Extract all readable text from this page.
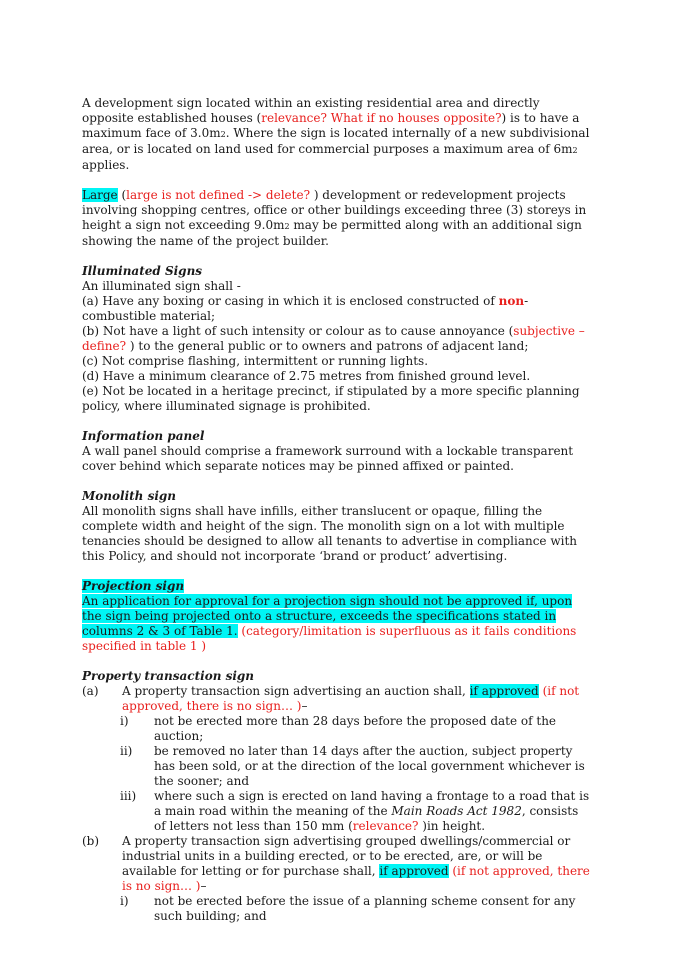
A development sign located within an existing residential area and directly opposite established houses (relevance? What if no houses opposite?) is to have a maximum face of 3.0m2. Where the sign is located internally of a new subdivisional area, or is located on land used for commercial purposes a maximum area of 6m2 applies.

Large (large is not defined -> delete? ) development or redevelopment projects involving shopping centres, office or other buildings exceeding three (3) storeys in height a sign not exceeding 9.0m2 may be permitted along with an additional sign showing the name of the project builder.

Illuminated Signs

An illuminated sign shall -

(a) Have any boxing or casing in which it is enclosed constructed of non-combustible material;

(b) Not have a light of such intensity or colour as to cause annoyance (subjective – define? ) to the general public or to owners and patrons of adjacent land;

(c) Not comprise flashing, intermittent or running lights.

(d) Have a minimum clearance of 2.75 metres from finished ground level.

(e) Not be located in a heritage precinct, if stipulated by a more specific planning policy, where illuminated signage is prohibited.

Information panel

A wall panel should comprise a framework surround with a lockable transparent cover behind which separate notices may be pinned affixed or painted.

Monolith sign

All monolith signs shall have infills, either translucent or opaque, filling the complete width and height of the sign. The monolith sign on a lot with multiple tenancies should be designed to allow all tenants to advertise in compliance with this Policy, and should not incorporate ‘brand or product’ advertising.

Projection sign

An application for approval for a projection sign should not be approved if, upon the sign being projected onto a structure, exceeds the specifications stated in columns 2 & 3 of Table 1. (category/limitation is superfluous as it fails conditions specified in table 1 )

Property transaction sign

(a) A property transaction sign advertising an auction shall, if approved (if not approved, there is no sign… )–
i) not be erected more than 28 days before the proposed date of the auction;
ii) be removed no later than 14 days after the auction, subject property has been sold, or at the direction of the local government whichever is the sooner; and
iii) where such a sign is erected on land having a frontage to a road that is a main road within the meaning of the Main Roads Act 1982, consists of letters not less than 150 mm (relevance? )in height.
(b) A property transaction sign advertising grouped dwellings/commercial or industrial units in a building erected, or to be erected, are, or will be available for letting or for purchase shall, if approved (if not approved, there is no sign… )–
i) not be erected before the issue of a planning scheme consent for any such building; and
